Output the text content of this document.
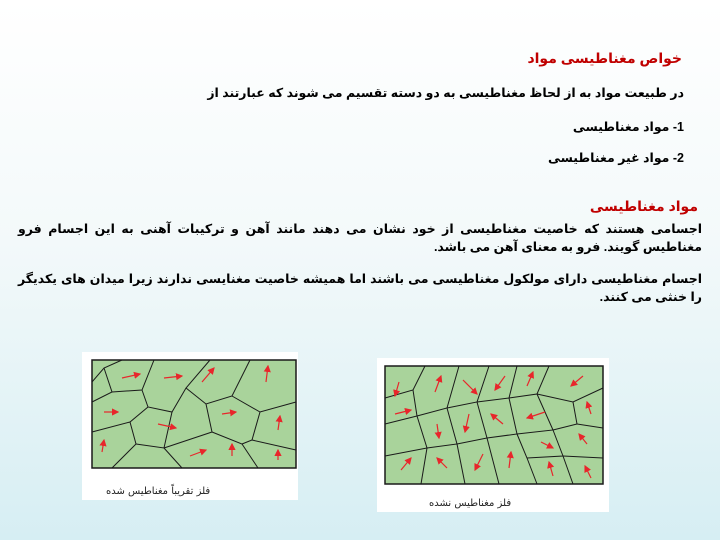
خواص مغناطیسی مواد

در طبیعت مواد به از لحاظ مغناطیسی به دو دسته تقسیم می شوند که عبارتند از

1- مواد مغناطیسی

2- مواد غیر مغناطیسی

مواد مغناطیسی

اجسامی هستند که خاصیت مغناطیسی از خود نشان می دهند مانند آهن و ترکیبات آهنی به این اجسام فرو مغناطیس گویند. فرو به معنای آهن می باشد.

اجسام مغناطیسی دارای مولکول مغناطیسی می باشند اما همیشه خاصیت مغنایسی ندارند زیرا میدان های یکدیگر را خنثی می کنند.

فلز تقریباً مغناطیس شده
فلز مغناطیس نشده
